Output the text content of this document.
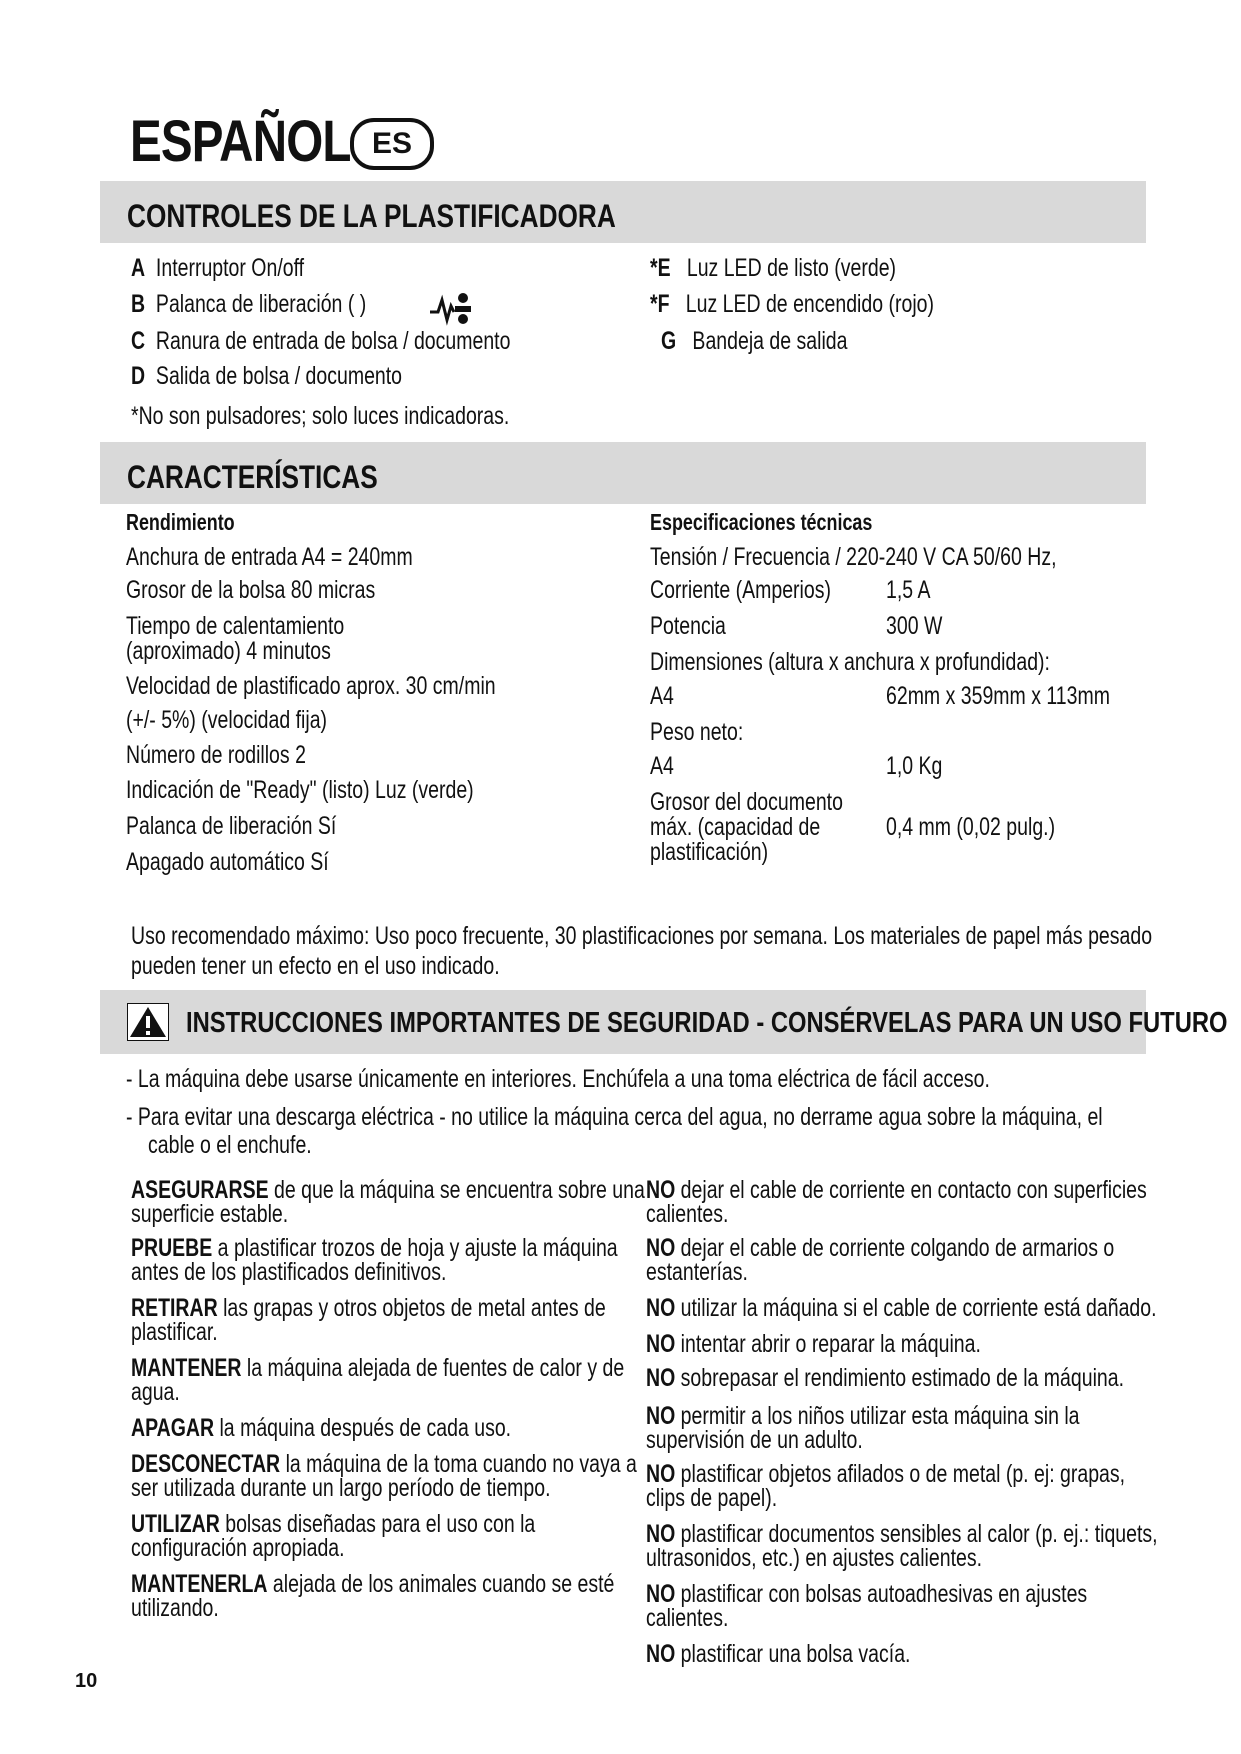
ESPAÑOL ES
CONTROLES DE LA PLASTIFICADORA
A Interruptor On/off
B Palanca de liberación ( )
C Ranura de entrada de bolsa / documento
D Salida de bolsa / documento
*No son pulsadores; solo luces indicadoras.
*E Luz LED de listo (verde)
*F Luz LED de encendido (rojo)
G Bandeja de salida
CARACTERÍSTICAS
Rendimiento
Anchura de entrada A4 = 240mm
Grosor de la bolsa 80 micras
Tiempo de calentamiento
(aproximado) 4 minutos
Velocidad de plastificado aprox. 30 cm/min
(+/- 5%) (velocidad fija)
Número de rodillos 2
Indicación de "Ready" (listo) Luz (verde)
Palanca de liberación Sí
Apagado automático Sí
Especificaciones técnicas
Tensión / Frecuencia / 220-240 V CA 50/60 Hz,
Corriente (Amperios) 1,5 A
Potencia	300 W
Dimensiones (altura x anchura x profundidad):
A4	62mm x 359mm x 113mm
Peso neto:
A4	1,0 Kg
Grosor del documento
máx. (capacidad de	0,4 mm (0,02 pulg.)
plastificación)
Uso recomendado máximo: Uso poco frecuente, 30 plastificaciones por semana. Los materiales de papel más pesado
pueden tener un efecto en el uso indicado.
INSTRUCCIONES IMPORTANTES DE SEGURIDAD - CONSÉRVELAS PARA UN USO FUTURO
- La máquina debe usarse únicamente en interiores. Enchúfela a una toma eléctrica de fácil acceso.
- Para evitar una descarga eléctrica - no utilice la máquina cerca del agua, no derrame agua sobre la máquina, el
cable o el enchufe.
ASEGURARSE de que la máquina se encuentra sobre una
superficie estable.
PRUEBE a plastificar trozos de hoja y ajuste la máquina
antes de los plastificados definitivos.
RETIRAR las grapas y otros objetos de metal antes de
plastificar.
MANTENER la máquina alejada de fuentes de calor y de
agua.
APAGAR la máquina después de cada uso.
DESCONECTAR la máquina de la toma cuando no vaya a
ser utilizada durante un largo período de tiempo.
UTILIZAR bolsas diseñadas para el uso con la
configuración apropiada.
MANTENERLA alejada de los animales cuando se esté
utilizando.
NO dejar el cable de corriente en contacto con superficies
calientes.
NO dejar el cable de corriente colgando de armarios o
estanterías.
NO utilizar la máquina si el cable de corriente está dañado.
NO intentar abrir o reparar la máquina.
NO sobrepasar el rendimiento estimado de la máquina.
NO permitir a los niños utilizar esta máquina sin la
supervisión de un adulto.
NO plastificar objetos afilados o de metal (p. ej: grapas,
clips de papel).
NO plastificar documentos sensibles al calor (p. ej.: tiquets,
ultrasonidos, etc.) en ajustes calientes.
NO plastificar con bolsas autoadhesivas en ajustes
calientes.
NO plastificar una bolsa vacía.
10
